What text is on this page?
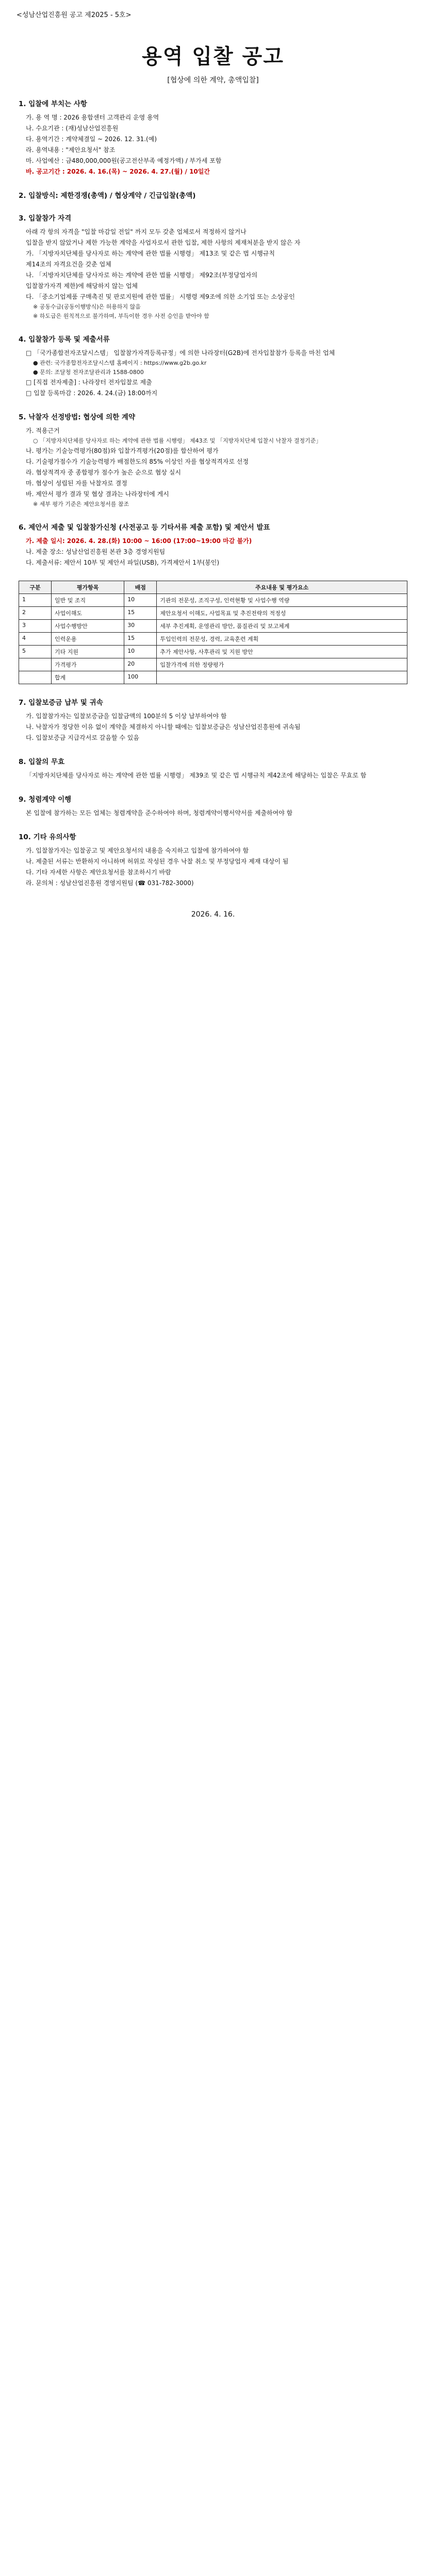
<성남산업진흥원 공고 제2025 - 5호>
용역 입찰 공고
[협상에 의한 계약, 총액입찰]

1. 입찰에 부치는 사항

가. 용 역 명 : 2026 용합센터 고객관리 운영 용역

나. 수요기관 : (재)성남산업진흥원

다. 용역기간 : 계약체결일 ~ 2026. 12. 31.(예)

라. 용역내용 : "제안요청서" 참조

마. 사업예산 : 금480,000,000원(공고전산부족 예정가액) / 부가세 포함

바. 공고기간 : 2026. 4. 16.(목) ~ 2026. 4. 27.(월) / 10일간

2. 입찰방식: 제한경쟁(총액) / 협상계약 / 긴급입찰(총액)

3. 입찰참가 자격

아래 각 항의 자격을 "입찰 마감일 전일" 까지 모두 갖춘 업체로서 적정하지 않거나

입찰을 받지 않았거나 제한 가능한 계약을 사업자로서 관한 입찰, 제한 사항의 제재처분을 받지 않은 자

가. 「지방자치단체를 당사자로 하는 계약에 관한 법률 시행령」 제13조 및 같은 법 시행규칙

제14조의 자격요건을 갖춘 업체

나. 「지방자치단체를 당사자로 하는 계약에 관한 법률 시행령」 제92조(부정당업자의

입찰참가자격 제한)에 해당하지 않는 업체

다. 「중소기업제품 구매촉진 및 판로지원에 관한 법률」 시행령 제9조에 의한 소기업 또는 소상공인

※ 공동수급(공동이행방식)은 허용하지 않음

※ 하도급은 원칙적으로 불가하며, 부득이한 경우 사전 승인을 받아야 함

4. 입찰참가 등록 및 제출서류

□ 「국가종합전자조달시스템」 입찰참가자격등록규정」에 의한 나라장터(G2B)에 전자입찰참가 등록을 마친 업체

● 관련: 국가종합전자조달시스템 홈페이지 : https://www.g2b.go.kr

● 문의: 조달청 전자조달관리과 1588-0800

□ [직접 전자제출] : 나라장터 전자입찰로 제출

□ 입찰 등록마감 : 2026. 4. 24.(금) 18:00까지

5. 낙찰자 선정방법: 협상에 의한 계약

가. 적용근거

○ 「지방자치단체를 당사자로 하는 계약에 관한 법률 시행령」 제43조 및 「지방자치단체 입찰시 낙찰자 결정기준」

나. 평가는 기술능력평가(80점)와 입찰가격평가(20점)를 합산하여 평가

다. 기술평가점수가 기술능력평가 배점한도의 85% 이상인 자를 협상적격자로 선정

라. 협상적격자 중 종합평가 점수가 높은 순으로 협상 실시

마. 협상이 성립된 자를 낙찰자로 결정

바. 제안서 평가 결과 및 협상 결과는 나라장터에 게시

※ 세부 평가 기준은 제안요청서를 참조

6. 제안서 제출 및 입찰참가신청 (사전공고 등 기타서류 제출 포함) 및 제안서 발표

가. 제출 일시: 2026. 4. 28.(화) 10:00 ~ 16:00 (17:00~19:00 마감 불가)

나. 제출 장소: 성남산업진흥원 본관 3층 경영지원팀

다. 제출서류: 제안서 10부 및 제안서 파일(USB), 가격제안서 1부(봉인)

구분	평가항목	배점	주요내용 및 평가요소
1	일반 및 조직	10	기관의 전문성, 조직구성, 인력현황 및 사업수행 역량
2	사업이해도	15	제안요청서 이해도, 사업목표 및 추진전략의 적정성
3	사업수행방안	30	세부 추진계획, 운영관리 방안, 품질관리 및 보고체계
4	인력운용	15	투입인력의 전문성, 경력, 교육훈련 계획
5	기타 지원	10	추가 제안사항, 사후관리 및 지원 방안
	가격평가	20	입찰가격에 의한 정량평가
	합계	100	

7. 입찰보증금 납부 및 귀속

가. 입찰참가자는 입찰보증금을 입찰금액의 100분의 5 이상 납부하여야 함

나. 낙찰자가 정당한 이유 없이 계약을 체결하지 아니할 때에는 입찰보증금은 성남산업진흥원에 귀속됨

다. 입찰보증금 지급각서로 갈음할 수 있음

8. 입찰의 무효

「지방자치단체를 당사자로 하는 계약에 관한 법률 시행령」 제39조 및 같은 법 시행규칙 제42조에 해당하는 입찰은 무효로 함

9. 청렴계약 이행

본 입찰에 참가하는 모든 업체는 청렴계약을 준수하여야 하며, 청렴계약이행서약서를 제출하여야 함

10. 기타 유의사항

가. 입찰참가자는 입찰공고 및 제안요청서의 내용을 숙지하고 입찰에 참가하여야 함

나. 제출된 서류는 반환하지 아니하며 허위로 작성된 경우 낙찰 취소 및 부정당업자 제재 대상이 됨

다. 기타 자세한 사항은 제안요청서를 참조하시기 바람

라. 문의처 : 성남산업진흥원 경영지원팀 (☎ 031-782-3000)

2026. 4. 16.
